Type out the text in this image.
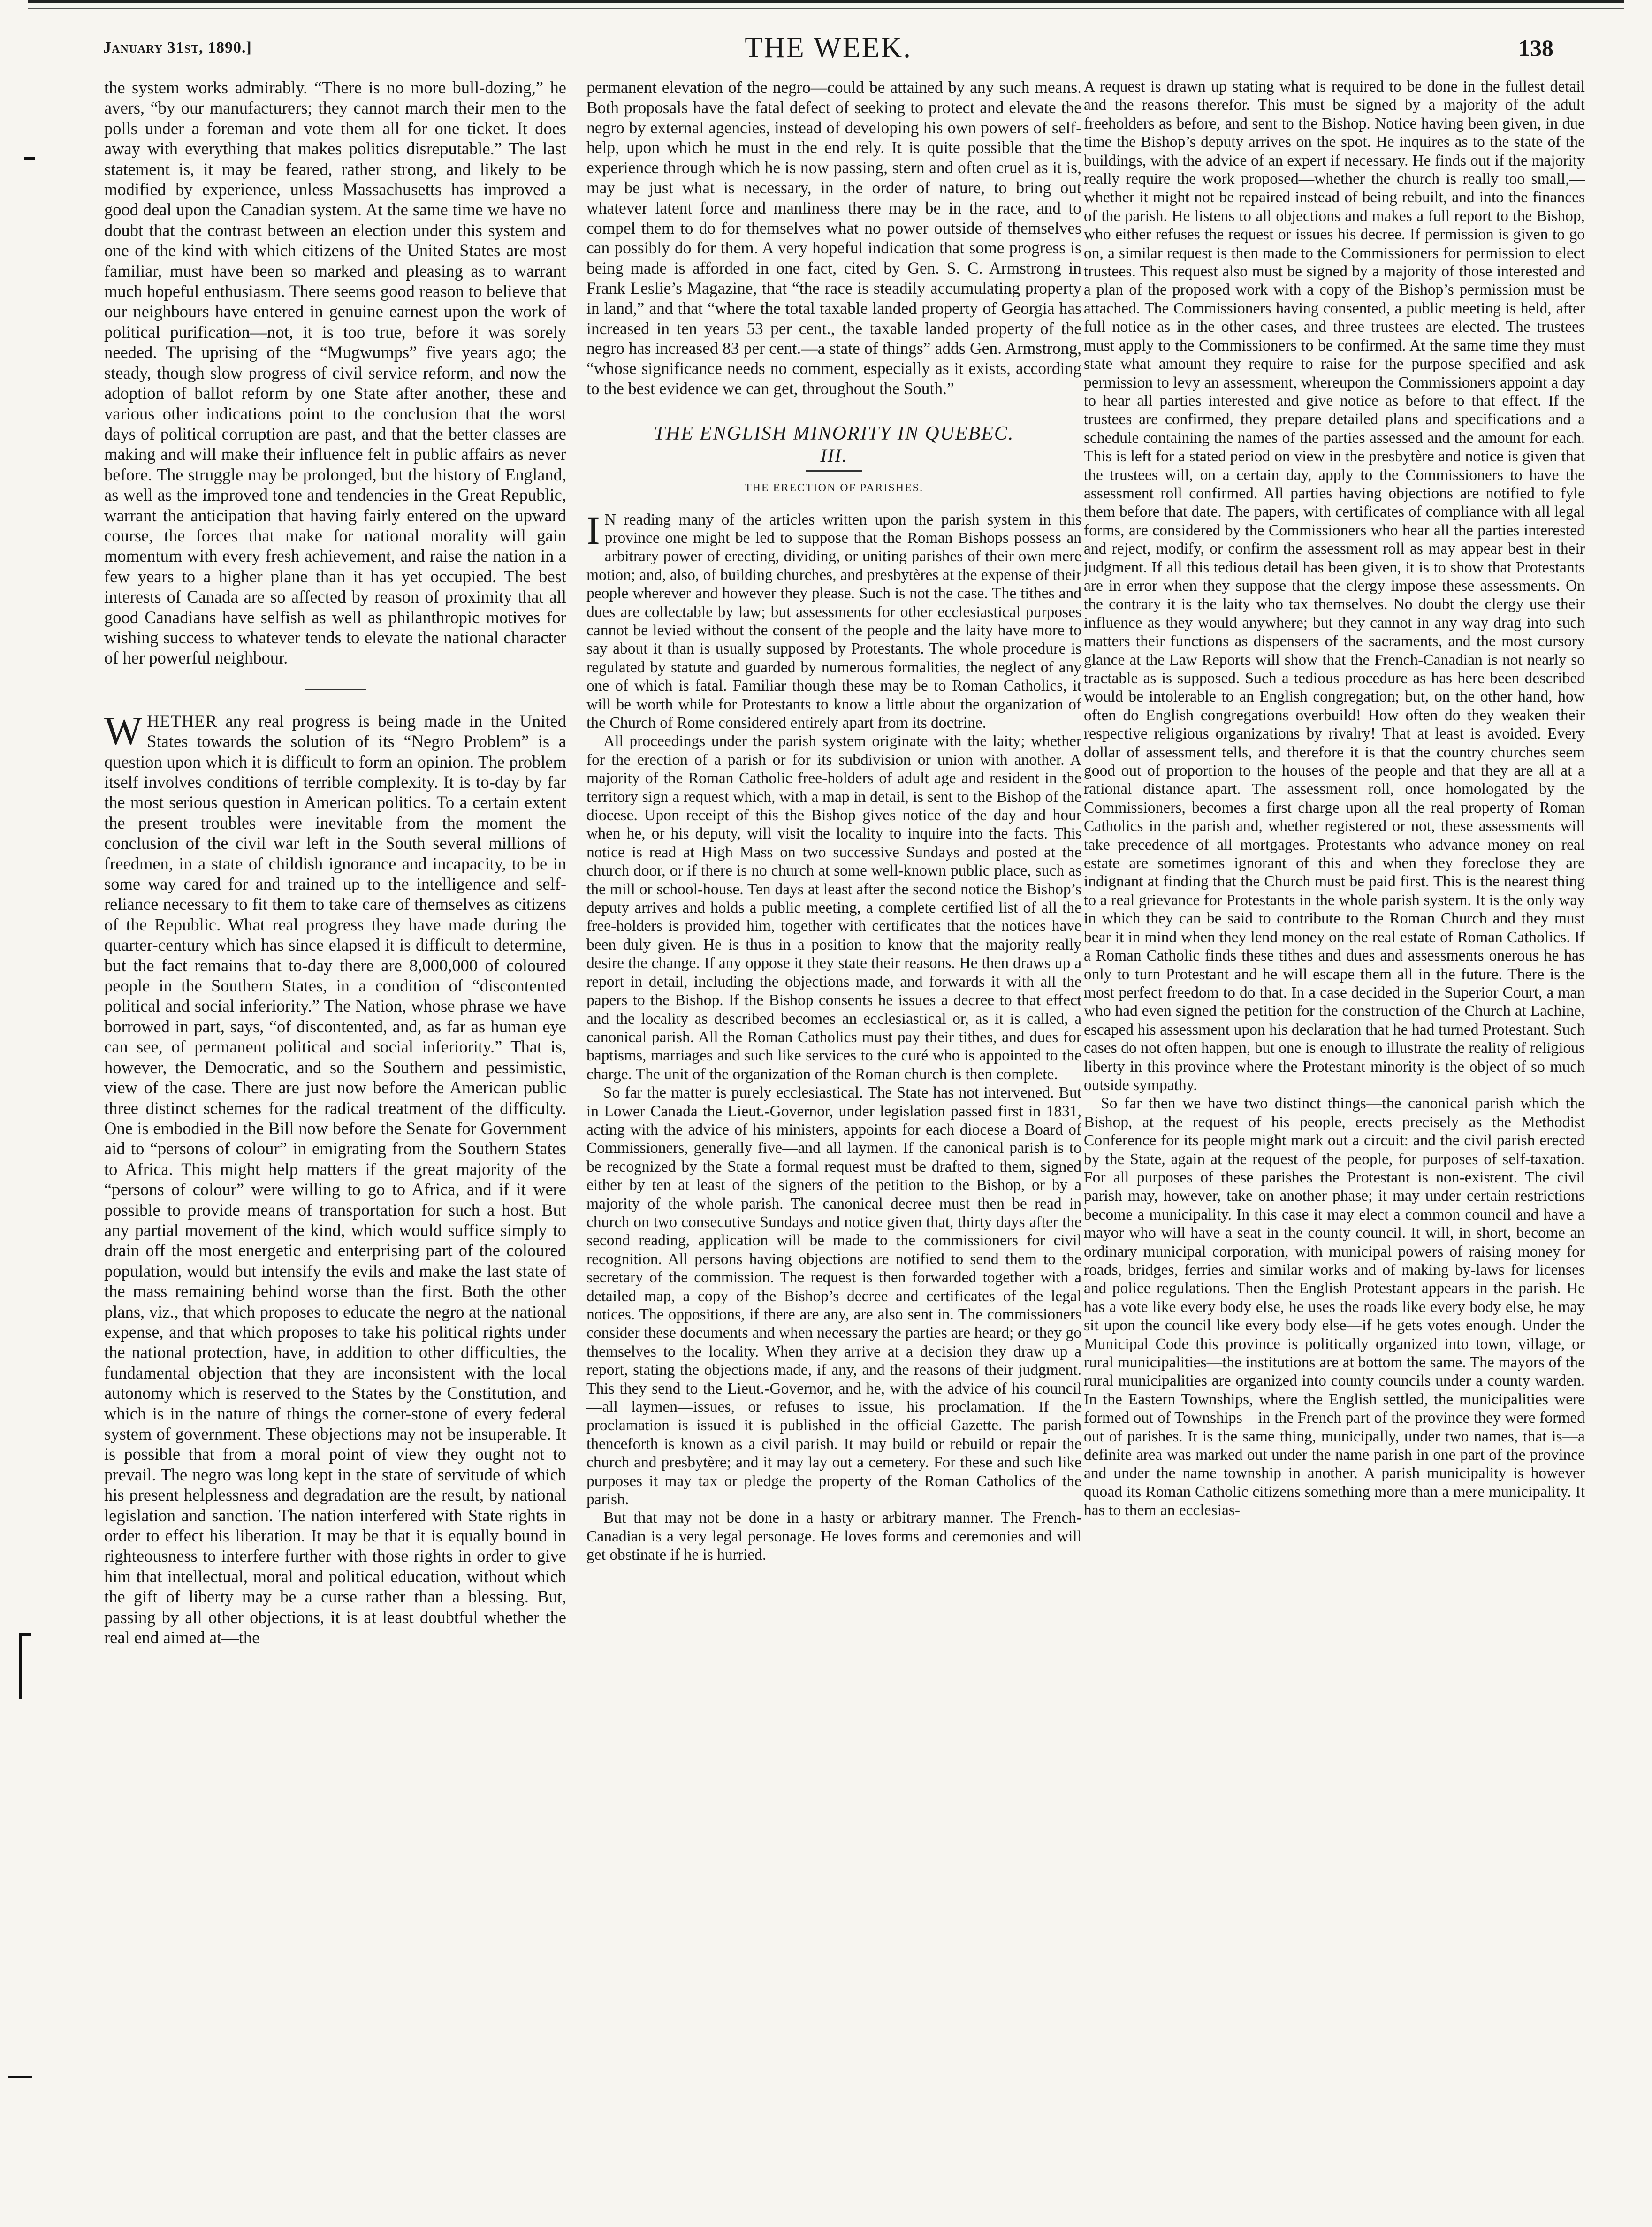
January 31st, 1890.]	THE WEEK.	138

the system works admirably. “There is no more bull-dozing,” he avers, “by our manufacturers; they cannot march their men to the polls under a foreman and vote them all for one ticket. It does away with everything that makes politics disreputable.” The last statement is, it may be feared, rather strong, and likely to be modified by experience, unless Massachusetts has improved a good deal upon the Canadian system. At the same time we have no doubt that the contrast between an election under this system and one of the kind with which citizens of the United States are most familiar, must have been so marked and pleasing as to warrant much hopeful enthusiasm. There seems good reason to believe that our neighbours have entered in genuine earnest upon the work of political purification—not, it is too true, before it was sorely needed. The uprising of the “Mugwumps” five years ago; the steady, though slow progress of civil service reform, and now the adoption of ballot reform by one State after another, these and various other indications point to the conclusion that the worst days of political corruption are past, and that the better classes are making and will make their influence felt in public affairs as never before. The struggle may be prolonged, but the history of England, as well as the improved tone and tendencies in the Great Republic, warrant the anticipation that having fairly entered on the upward course, the forces that make for national morality will gain momentum with every fresh achievement, and raise the nation in a few years to a higher plane than it has yet occupied. The best interests of Canada are so affected by reason of proximity that all good Canadians have selfish as well as philanthropic motives for wishing success to whatever tends to elevate the national character of her powerful neighbour.

WHETHER any real progress is being made in the United States towards the solution of its “Negro Problem” is a question upon which it is difficult to form an opinion. The problem itself involves conditions of terrible complexity. It is to-day by far the most serious question in American politics. To a certain extent the present troubles were inevitable from the moment the conclusion of the civil war left in the South several millions of freedmen, in a state of childish ignorance and incapacity, to be in some way cared for and trained up to the intelligence and self-reliance necessary to fit them to take care of themselves as citizens of the Republic. What real progress they have made during the quarter-century which has since elapsed it is difficult to determine, but the fact remains that to-day there are 8,000,000 of coloured people in the Southern States, in a condition of “discontented political and social inferiority.” The Nation, whose phrase we have borrowed in part, says, “of discontented, and, as far as human eye can see, of permanent political and social inferiority.” That is, however, the Democratic, and so the Southern and pessimistic, view of the case. There are just now before the American public three distinct schemes for the radical treatment of the difficulty. One is embodied in the Bill now before the Senate for Government aid to “persons of colour” in emigrating from the Southern States to Africa. This might help matters if the great majority of the “persons of colour” were willing to go to Africa, and if it were possible to provide means of transportation for such a host. But any partial movement of the kind, which would suffice simply to drain off the most energetic and enterprising part of the coloured population, would but intensify the evils and make the last state of the mass remaining behind worse than the first. Both the other plans, viz., that which proposes to educate the negro at the national expense, and that which proposes to take his political rights under the national protection, have, in addition to other difficulties, the fundamental objection that they are inconsistent with the local autonomy which is reserved to the States by the Constitution, and which is in the nature of things the corner-stone of every federal system of government. These objections may not be insuperable. It is possible that from a moral point of view they ought not to prevail. The negro was long kept in the state of servitude of which his present helplessness and degradation are the result, by national legislation and sanction. The nation interfered with State rights in order to effect his liberation. It may be that it is equally bound in righteousness to interfere further with those rights in order to give him that intellectual, moral and political education, without which the gift of liberty may be a curse rather than a blessing. But, passing by all other objections, it is at least doubtful whether the real end aimed at—the

permanent elevation of the negro—could be attained by any such means. Both proposals have the fatal defect of seeking to protect and elevate the negro by external agencies, instead of developing his own powers of self-help, upon which he must in the end rely. It is quite possible that the experience through which he is now passing, stern and often cruel as it is, may be just what is necessary, in the order of nature, to bring out whatever latent force and manliness there may be in the race, and to compel them to do for themselves what no power outside of themselves can possibly do for them. A very hopeful indication that some progress is being made is afforded in one fact, cited by Gen. S. C. Armstrong in Frank Leslie’s Magazine, that “the race is steadily accumulating property in land,” and that “where the total taxable landed property of Georgia has increased in ten years 53 per cent., the taxable landed property of the negro has increased 83 per cent.—a state of things” adds Gen. Armstrong, “whose significance needs no comment, especially as it exists, according to the best evidence we can get, throughout the South.”

THE ENGLISH MINORITY IN QUEBEC.
III.
THE ERECTION OF PARISHES.

I N reading many of the articles written upon the parish system in this province one might be led to suppose that the Roman Bishops possess an arbitrary power of erecting, dividing, or uniting parishes of their own mere motion; and, also, of building churches, and presbytères at the expense of their people wherever and however they please. Such is not the case. The tithes and dues are collectable by law; but assessments for other ecclesiastical purposes cannot be levied without the consent of the people and the laity have more to say about it than is usually supposed by Protestants. The whole procedure is regulated by statute and guarded by numerous formalities, the neglect of any one of which is fatal. Familiar though these may be to Roman Catholics, it will be worth while for Protestants to know a little about the organization of the Church of Rome considered entirely apart from its doctrine.

All proceedings under the parish system originate with the laity; whether for the erection of a parish or for its subdivision or union with another. A majority of the Roman Catholic free-holders of adult age and resident in the territory sign a request which, with a map in detail, is sent to the Bishop of the diocese. Upon receipt of this the Bishop gives notice of the day and hour when he, or his deputy, will visit the locality to inquire into the facts. This notice is read at High Mass on two successive Sundays and posted at the church door, or if there is no church at some well-known public place, such as the mill or school-house. Ten days at least after the second notice the Bishop’s deputy arrives and holds a public meeting, a complete certified list of all the free-holders is provided him, together with certificates that the notices have been duly given. He is thus in a position to know that the majority really desire the change. If any oppose it they state their reasons. He then draws up a report in detail, including the objections made, and forwards it with all the papers to the Bishop. If the Bishop consents he issues a decree to that effect and the locality as described becomes an ecclesiastical or, as it is called, a canonical parish. All the Roman Catholics must pay their tithes, and dues for baptisms, marriages and such like services to the curé who is appointed to the charge. The unit of the organization of the Roman church is then complete.

So far the matter is purely ecclesiastical. The State has not intervened. But in Lower Canada the Lieut.-Governor, under legislation passed first in 1831, acting with the advice of his ministers, appoints for each diocese a Board of Commissioners, generally five—and all laymen. If the canonical parish is to be recognized by the State a formal request must be drafted to them, signed either by ten at least of the signers of the petition to the Bishop, or by a majority of the whole parish. The canonical decree must then be read in church on two consecutive Sundays and notice given that, thirty days after the second reading, application will be made to the commissioners for civil recognition. All persons having objections are notified to send them to the secretary of the commission. The request is then forwarded together with a detailed map, a copy of the Bishop’s decree and certificates of the legal notices. The oppositions, if there are any, are also sent in. The commissioners consider these documents and when necessary the parties are heard; or they go themselves to the locality. When they arrive at a decision they draw up a report, stating the objections made, if any, and the reasons of their judgment. This they send to the Lieut.-Governor, and he, with the advice of his council—all laymen—issues, or refuses to issue, his proclamation. If the proclamation is issued it is published in the official Gazette. The parish thenceforth is known as a civil parish. It may build or rebuild or repair the church and presbytère; and it may lay out a cemetery. For these and such like purposes it may tax or pledge the property of the Roman Catholics of the parish.

But that may not be done in a hasty or arbitrary manner. The French-Canadian is a very legal personage. He loves forms and ceremonies and will get obstinate if he is hurried.

A request is drawn up stating what is required to be done in the fullest detail and the reasons therefor. This must be signed by a majority of the adult freeholders as before, and sent to the Bishop. Notice having been given, in due time the Bishop’s deputy arrives on the spot. He inquires as to the state of the buildings, with the advice of an expert if necessary. He finds out if the majority really require the work proposed—whether the church is really too small,—whether it might not be repaired instead of being rebuilt, and into the finances of the parish. He listens to all objections and makes a full report to the Bishop, who either refuses the request or issues his decree. If permission is given to go on, a similar request is then made to the Commissioners for permission to elect trustees. This request also must be signed by a majority of those interested and a plan of the proposed work with a copy of the Bishop’s permission must be attached. The Commissioners having consented, a public meeting is held, after full notice as in the other cases, and three trustees are elected. The trustees must apply to the Commissioners to be confirmed. At the same time they must state what amount they require to raise for the purpose specified and ask permission to levy an assessment, whereupon the Commissioners appoint a day to hear all parties interested and give notice as before to that effect. If the trustees are confirmed, they prepare detailed plans and specifications and a schedule containing the names of the parties assessed and the amount for each. This is left for a stated period on view in the presbytère and notice is given that the trustees will, on a certain day, apply to the Commissioners to have the assessment roll confirmed. All parties having objections are notified to fyle them before that date. The papers, with certificates of compliance with all legal forms, are considered by the Commissioners who hear all the parties interested and reject, modify, or confirm the assessment roll as may appear best in their judgment. If all this tedious detail has been given, it is to show that Protestants are in error when they suppose that the clergy impose these assessments. On the contrary it is the laity who tax themselves. No doubt the clergy use their influence as they would anywhere; but they cannot in any way drag into such matters their functions as dispensers of the sacraments, and the most cursory glance at the Law Reports will show that the French-Canadian is not nearly so tractable as is supposed. Such a tedious procedure as has here been described would be intolerable to an English congregation; but, on the other hand, how often do English congregations overbuild! How often do they weaken their respective religious organizations by rivalry! That at least is avoided. Every dollar of assessment tells, and therefore it is that the country churches seem good out of proportion to the houses of the people and that they are all at a rational distance apart. The assessment roll, once homologated by the Commissioners, becomes a first charge upon all the real property of Roman Catholics in the parish and, whether registered or not, these assessments will take precedence of all mortgages. Protestants who advance money on real estate are sometimes ignorant of this and when they foreclose they are indignant at finding that the Church must be paid first. This is the nearest thing to a real grievance for Protestants in the whole parish system. It is the only way in which they can be said to contribute to the Roman Church and they must bear it in mind when they lend money on the real estate of Roman Catholics. If a Roman Catholic finds these tithes and dues and assessments onerous he has only to turn Protestant and he will escape them all in the future. There is the most perfect freedom to do that. In a case decided in the Superior Court, a man who had even signed the petition for the construction of the Church at Lachine, escaped his assessment upon his declaration that he had turned Protestant. Such cases do not often happen, but one is enough to illustrate the reality of religious liberty in this province where the Protestant minority is the object of so much outside sympathy.

So far then we have two distinct things—the canonical parish which the Bishop, at the request of his people, erects precisely as the Methodist Conference for its people might mark out a circuit: and the civil parish erected by the State, again at the request of the people, for purposes of self-taxation. For all purposes of these parishes the Protestant is non-existent. The civil parish may, however, take on another phase; it may under certain restrictions become a municipality. In this case it may elect a common council and have a mayor who will have a seat in the county council. It will, in short, become an ordinary municipal corporation, with municipal powers of raising money for roads, bridges, ferries and similar works and of making by-laws for licenses and police regulations. Then the English Protestant appears in the parish. He has a vote like every body else, he uses the roads like every body else, he may sit upon the council like every body else—if he gets votes enough. Under the Municipal Code this province is politically organized into town, village, or rural municipalities—the institutions are at bottom the same. The mayors of the rural municipalities are organized into county councils under a county warden. In the Eastern Townships, where the English settled, the municipalities were formed out of Townships—in the French part of the province they were formed out of parishes. It is the same thing, municipally, under two names, that is—a definite area was marked out under the name parish in one part of the province and under the name township in another. A parish municipality is however quoad its Roman Catholic citizens something more than a mere municipality. It has to them an ecclesias-
